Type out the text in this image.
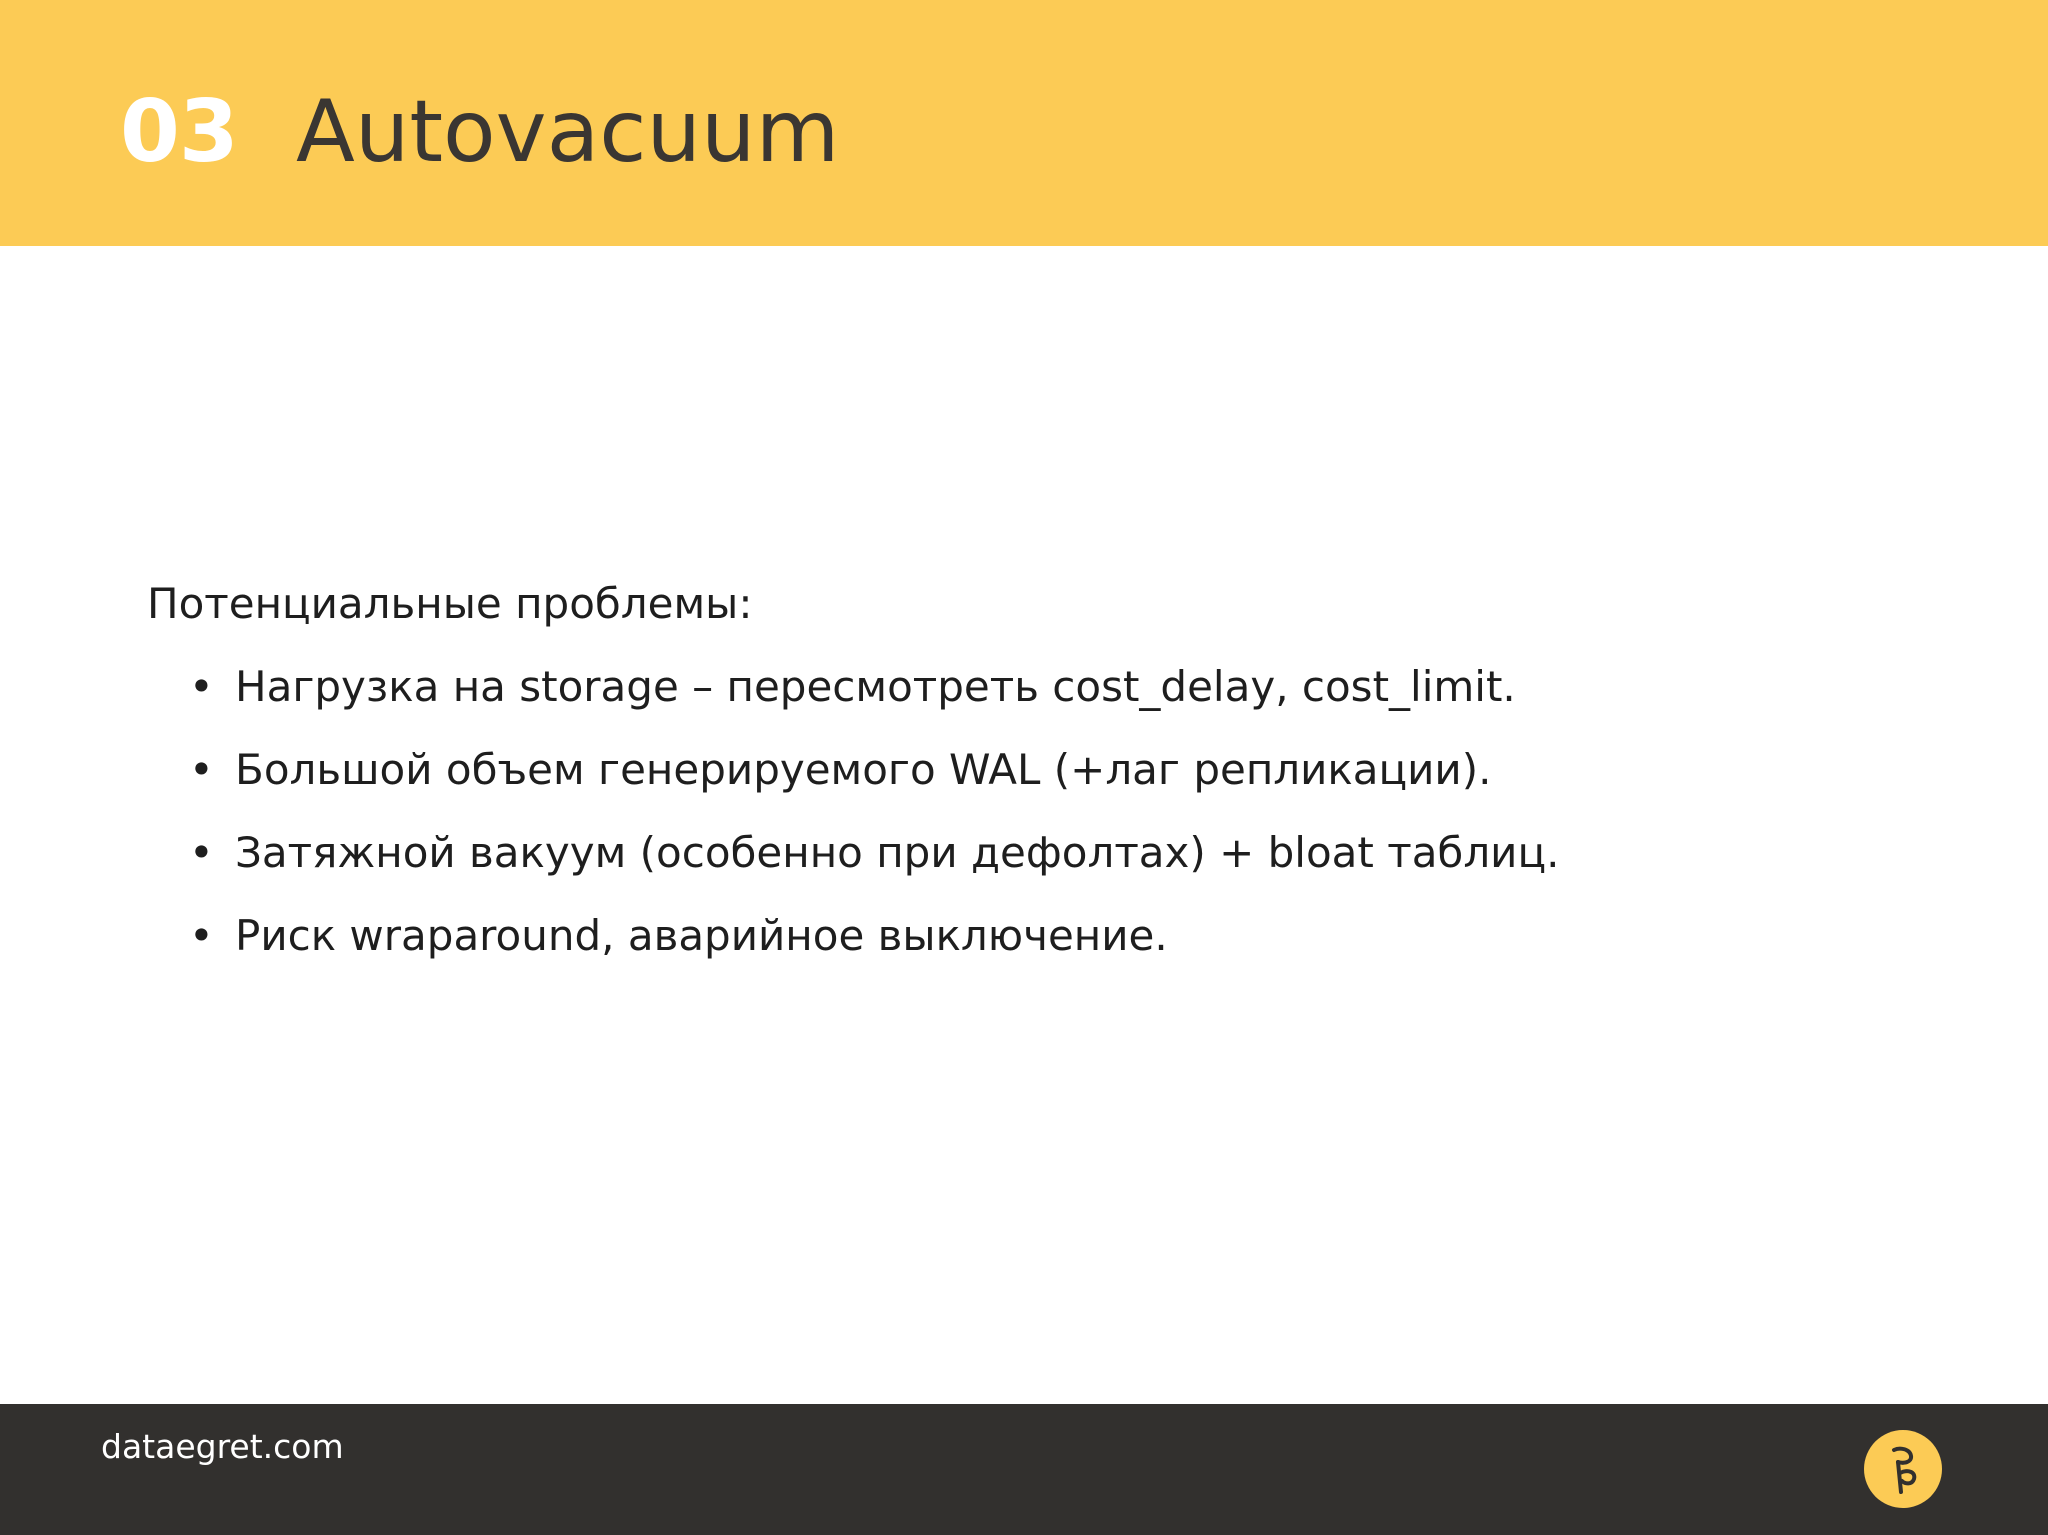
03 Autovacuum

Потенциальные проблемы:

• Нагрузка на storage – пересмотреть cost_delay, cost_limit.
• Большой объем генерируемого WAL (+лаг репликации).
• Затяжной вакуум (особенно при дефолтах) + bloat таблиц.
• Риск wraparound, аварийное выключение.
dataegret.com
